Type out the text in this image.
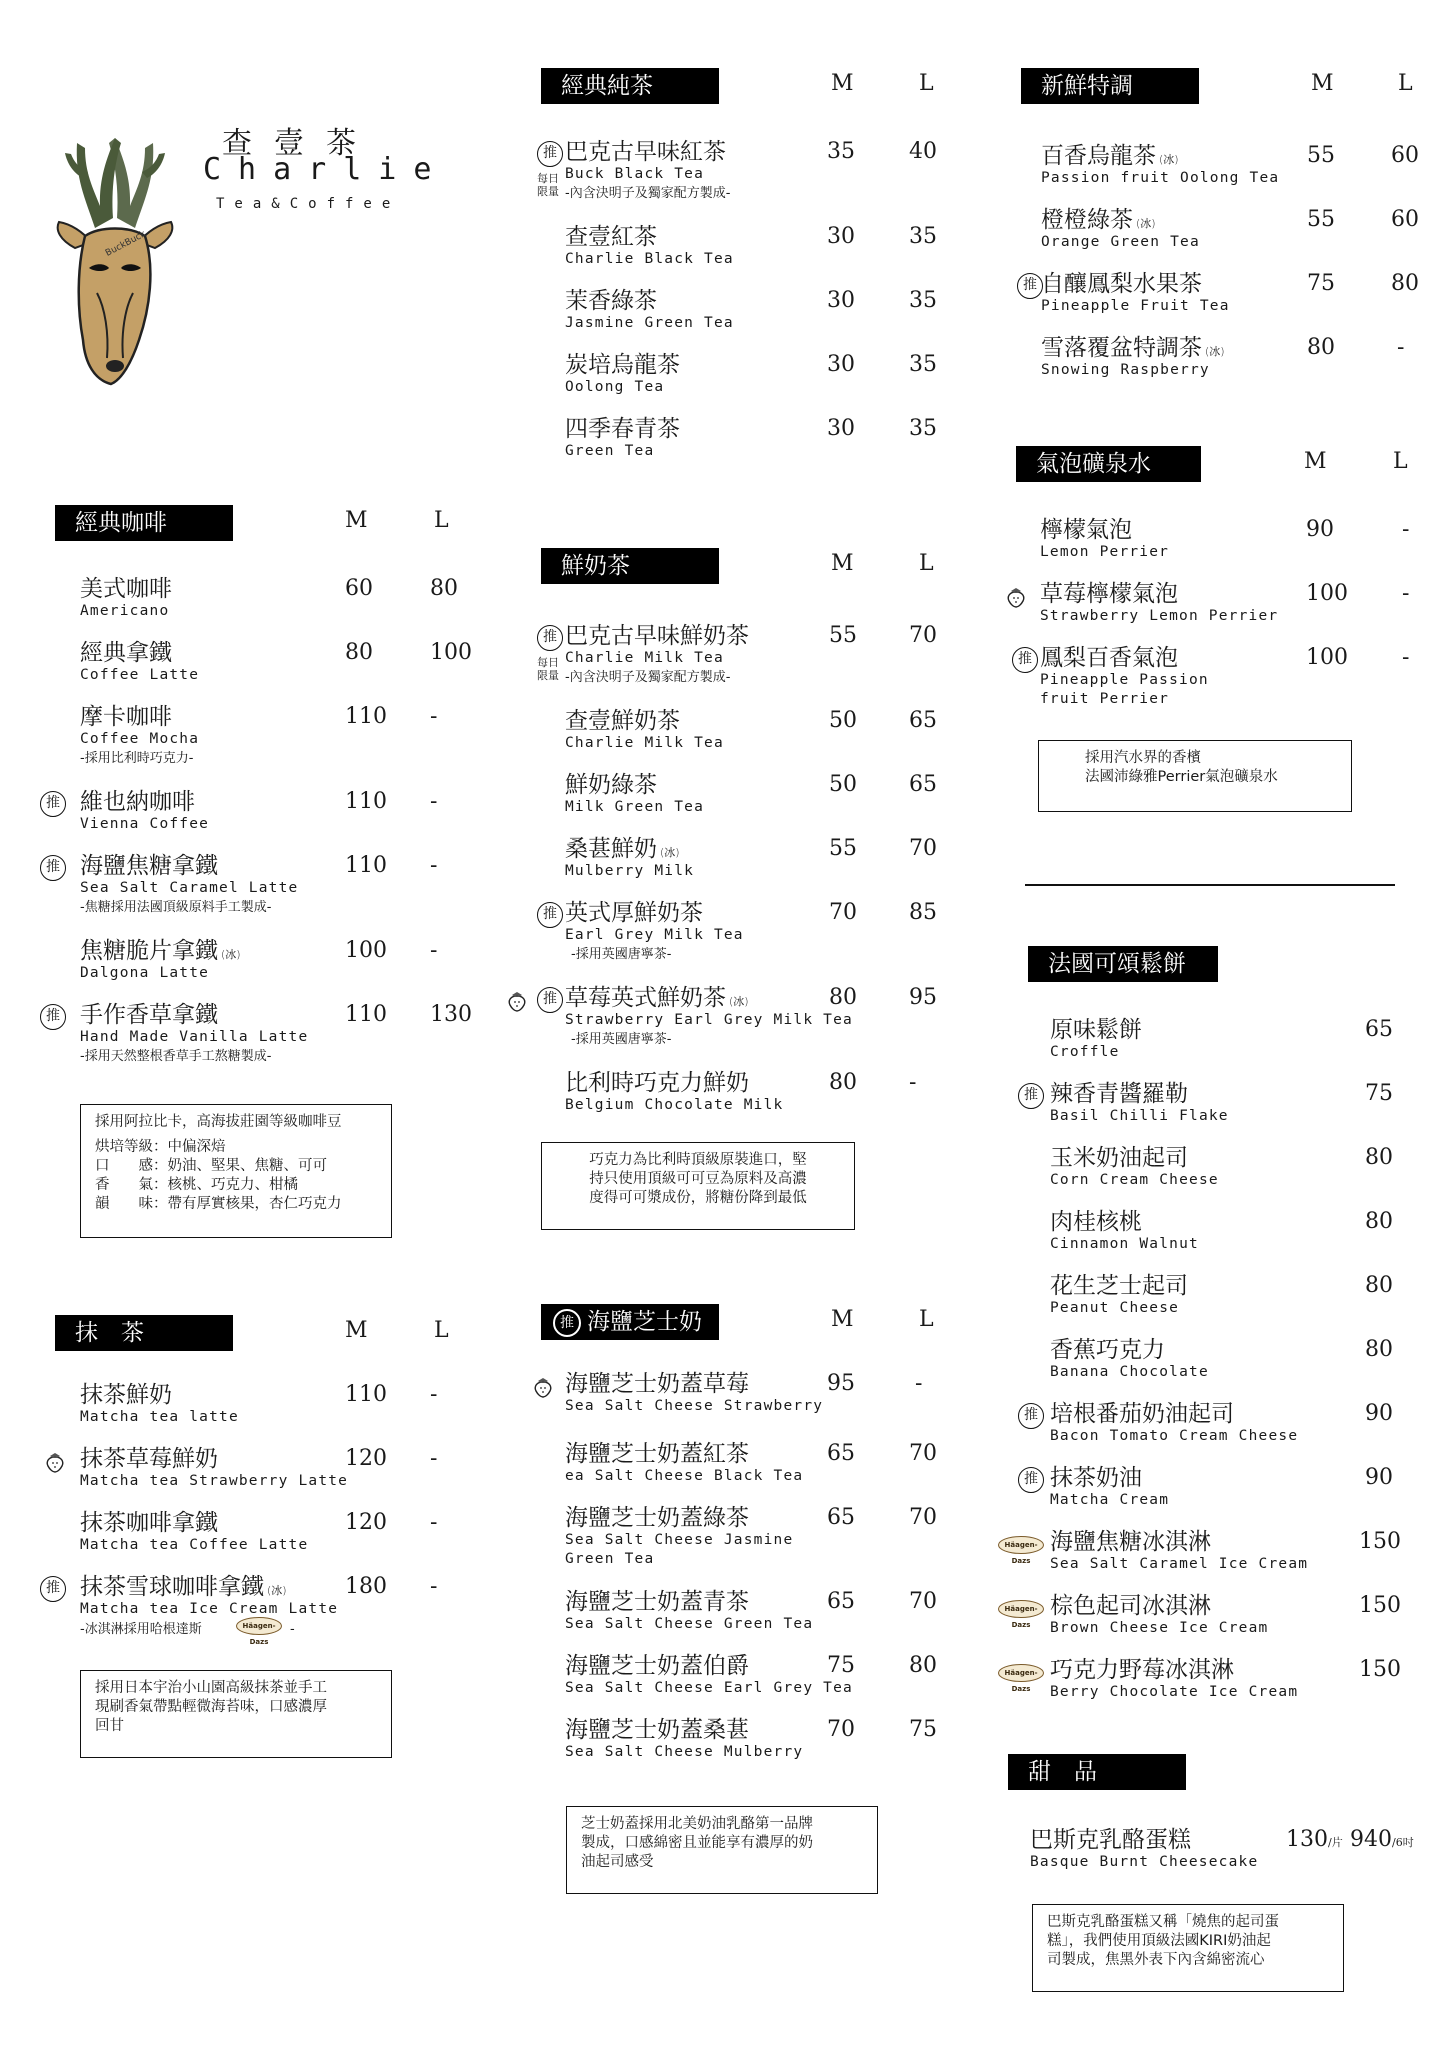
查壹茶
Charlie
Tea&Coffee
BuckBuck
經典咖啡	M	L
美式咖啡
Americano
60	80
經典拿鐵
Coffee Latte
80	100
摩卡咖啡
Coffee Mocha
-採用比利時巧克力-
110 -
推 維也納咖啡
Vienna Coffee
110 -
推 海鹽焦糖拿鐵
Sea Salt Caramel Latte
-焦糖採用法國頂級原料手工製成-
110 -
焦糖脆片拿鐵 (冰)
Dalgona Latte
100 -
推 手作香草拿鐵
Hand Made Vanilla Latte
-採用天然整根香草手工熬糖製成-
110 130
採用阿拉比卡，高海拔莊園等級咖啡豆
烘培等級：中偏深焙
口　　感：奶油、堅果、焦糖、可可
香　　氣：核桃、巧克力、柑橘
韻　　味：帶有厚實核果，杏仁巧克力
抹　茶	M	L
抹茶鮮奶
Matcha tea latte
110 -
抹茶草莓鮮奶
Matcha tea Strawberry Latte
120 -
抹茶咖啡拿鐵
Matcha tea Coffee Latte
120 -
推 抹茶雪球咖啡拿鐵 (冰)
Matcha tea Ice Cream Latte
-冰淇淋採用哈根達斯	Häagen-Dazs
-
180 -
採用日本宇治小山園高級抹茶並手工
現刷香氣帶點輕微海苔味，口感濃厚
回甘
經典純茶	M	L
推
每日限量
巴克古早味紅茶
Buck Black Tea
-內含決明子及獨家配方製成-
35 40
查壹紅茶
Charlie Black Tea
30 35
茉香綠茶
Jasmine Green Tea
30 35
炭培烏龍茶
Oolong Tea
30 35
四季春青茶
Green Tea
30 35
鮮奶茶	M	L
推
每日限量
巴克古早味鮮奶茶
Charlie Milk Tea
-內含決明子及獨家配方製成-
55 70
查壹鮮奶茶
Charlie Milk Tea
50 65
鮮奶綠茶
Milk Green Tea
50 65
桑葚鮮奶 (冰)
Mulberry Milk
55 70
推 英式厚鮮奶茶
Earl Grey Milk Tea
-採用英國唐寧茶-
70 85
推 草莓英式鮮奶茶 (冰)
Strawberry Earl Grey Milk Tea
-採用英國唐寧茶-
80 95
比利時巧克力鮮奶
Belgium Chocolate Milk
80 -
巧克力為比利時頂級原裝進口，堅
持只使用頂級可可豆為原料及高濃
度得可可漿成份，將糖份降到最低
推 海鹽芝士奶蓋
M	L
海鹽芝士奶蓋草莓
Sea Salt Cheese Strawberry
95	-
海鹽芝士奶蓋紅茶
ea Salt Cheese Black Tea
65 70
海鹽芝士奶蓋綠茶
Sea Salt Cheese Jasmine
Green Tea
65 70
海鹽芝士奶蓋青茶
Sea Salt Cheese Green Tea
65 70
海鹽芝士奶蓋伯爵
Sea Salt Cheese Earl Grey Tea
75 80
海鹽芝士奶蓋桑葚
Sea Salt Cheese Mulberry
70 75
芝士奶蓋採用北美奶油乳酪第一品牌
製成，口感綿密且並能享有濃厚的奶
油起司感受
新鮮特調	M	L
百香烏龍茶 (冰)
Passion fruit Oolong Tea
55	60
橙橙綠茶 (冰)
Orange Green Tea
55	60
推 自釀鳳梨水果茶
Pineapple Fruit Tea
75	80
雪落覆盆特調茶 (冰)
Snowing Raspberry
80	-
氣泡礦泉水	M	L
檸檬氣泡
Lemon Perrier
90	-
草莓檸檬氣泡
Strawberry Lemon Perrier
100 -
推 鳳梨百香氣泡
Pineapple Passion
fruit Perrier
100 -
採用汽水界的香檳
法國沛綠雅Perrier氣泡礦泉水
法國可頌鬆餅
原味鬆餅
Croffle
65
推 辣香青醬羅勒
Basil Chilli Flake
75
玉米奶油起司
Corn Cream Cheese
80
肉桂核桃
Cinnamon Walnut
80
花生芝士起司
Peanut Cheese
80
香蕉巧克力
Banana Chocolate
80
推 培根番茄奶油起司
Bacon Tomato Cream Cheese
90
推 抹茶奶油
Matcha Cream
90
Häagen-Dazs
海鹽焦糖冰淇淋
Sea Salt Caramel Ice Cream
150
Häagen-Dazs
棕色起司冰淇淋
Brown Cheese Ice Cream
150
Häagen-Dazs
巧克力野莓冰淇淋
Berry Chocolate Ice Cream
150
甜　品
巴斯克乳酪蛋糕
Basque Burnt Cheesecake
130/片 940/6吋
巴斯克乳酪蛋糕又稱「燒焦的起司蛋
糕」，我們使用頂級法國KIRI奶油起
司製成，焦黑外表下內含綿密流心
